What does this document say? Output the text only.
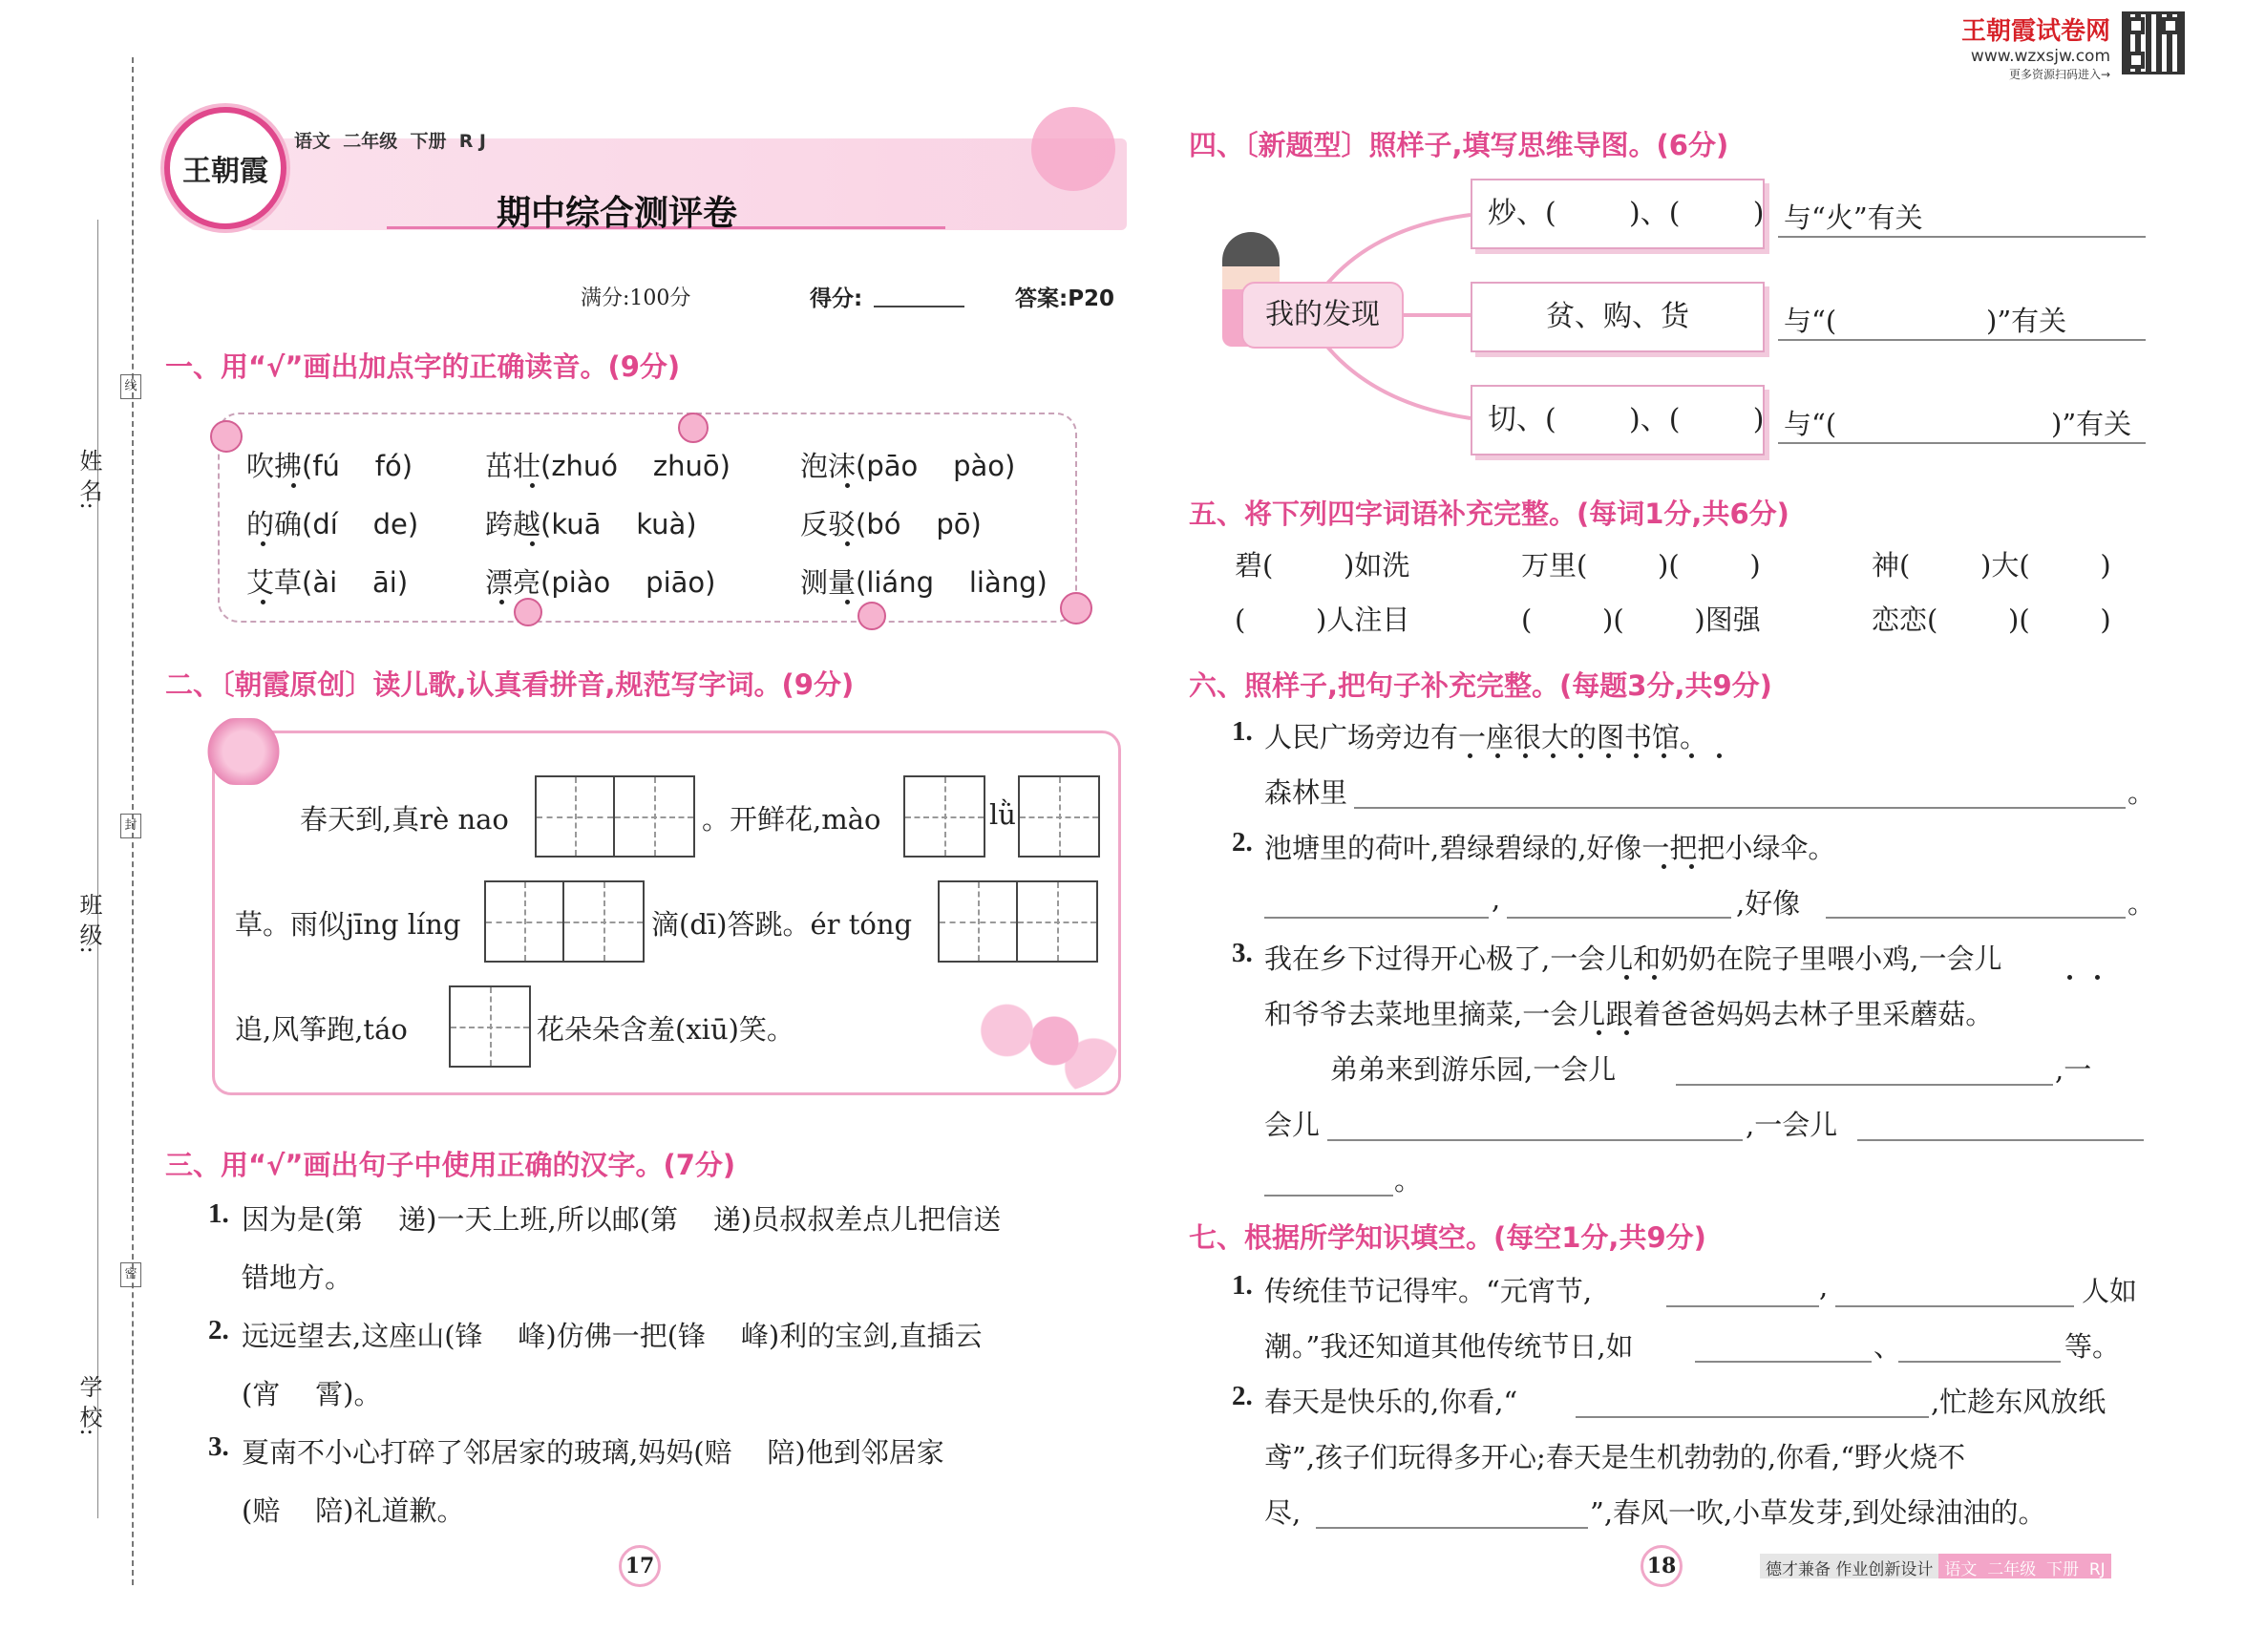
王朝霞试卷网
www.wzxsjw.com
更多资源扫码进入→
线
封
密
姓 名:
班 级:
学 校:
王朝霞
语文  二年级  下册  R J
期中综合测评卷
满分:100分	得分:	答案:P20
一、用“√”画出加点字的正确读音。(9分)
吹拂(fú    fó)	茁壮(zhuó    zhuō)	泡沫(pāo    pào)
的确(dí    de) 跨越(kuā    kuà)	反驳(bó    pō)
艾草(ài    āi)	漂亮(piào    piāo)	测量(liáng    liàng)
二、〔朝霞原创〕读儿歌,认真看拼音,规范写字词。(9分)
春天到,真rè nao	。开鲜花,mào	lǜ
草。雨似jīng líng	滴(dī)答跳。ér tóng
追,风筝跑,táo	花朵朵含羞(xiū)笑。
三、用“√”画出句子中使用正确的汉字。(7分)
1. 因为是(第    递)一天上班,所以邮(第    递)员叔叔差点儿把信送
错地方。
2. 远远望去,这座山(锋    峰)仿佛一把(锋    峰)利的宝剑,直插云
(宵    霄)。
3. 夏南不小心打碎了邻居家的玻璃,妈妈(赔    陪)他到邻居家
(赔    陪)礼道歉。
17	18
四、〔新题型〕照样子,填写思维导图。(6分)
我的发现
炒、(        )、(        )
贫、购、货
切、(        )、(        )
与“火”有关
与“(	)”有关
与“(	)”有关
五、将下列四字词语补充完整。(每词1分,共6分)
碧(        )如洗	万里(        )(        )	神(        )大(        )
(        )人注目	(        )(        )图强	恋恋(        )(        )
六、照样子,把句子补充完整。(每题3分,共9分)
1. 人民广场旁边有一座很大的图书馆。
森林里	。
2. 池塘里的荷叶,碧绿碧绿的,好像一把把小绿伞。
,	,好像	。
3. 我在乡下过得开心极了,一会儿和奶奶在院子里喂小鸡,一会儿
和爷爷去菜地里摘菜,一会儿跟着爸爸妈妈去林子里采蘑菇。
弟弟来到游乐园,一会儿	,一
会儿	,一会儿
。
七、根据所学知识填空。(每空1分,共9分)
1. 传统佳节记得牢。“元宵节,	,	人如
潮。”我还知道其他传统节日,如	、	等。
2. 春天是快乐的,你看,“	,忙趁东风放纸
鸢”,孩子们玩得多开心;春天是生机勃勃的,你看,“野火烧不
尽,	”,春风一吹,小草发芽,到处绿油油的。
德才兼备 作业创新设计 语文  二年级  下册  RJ
